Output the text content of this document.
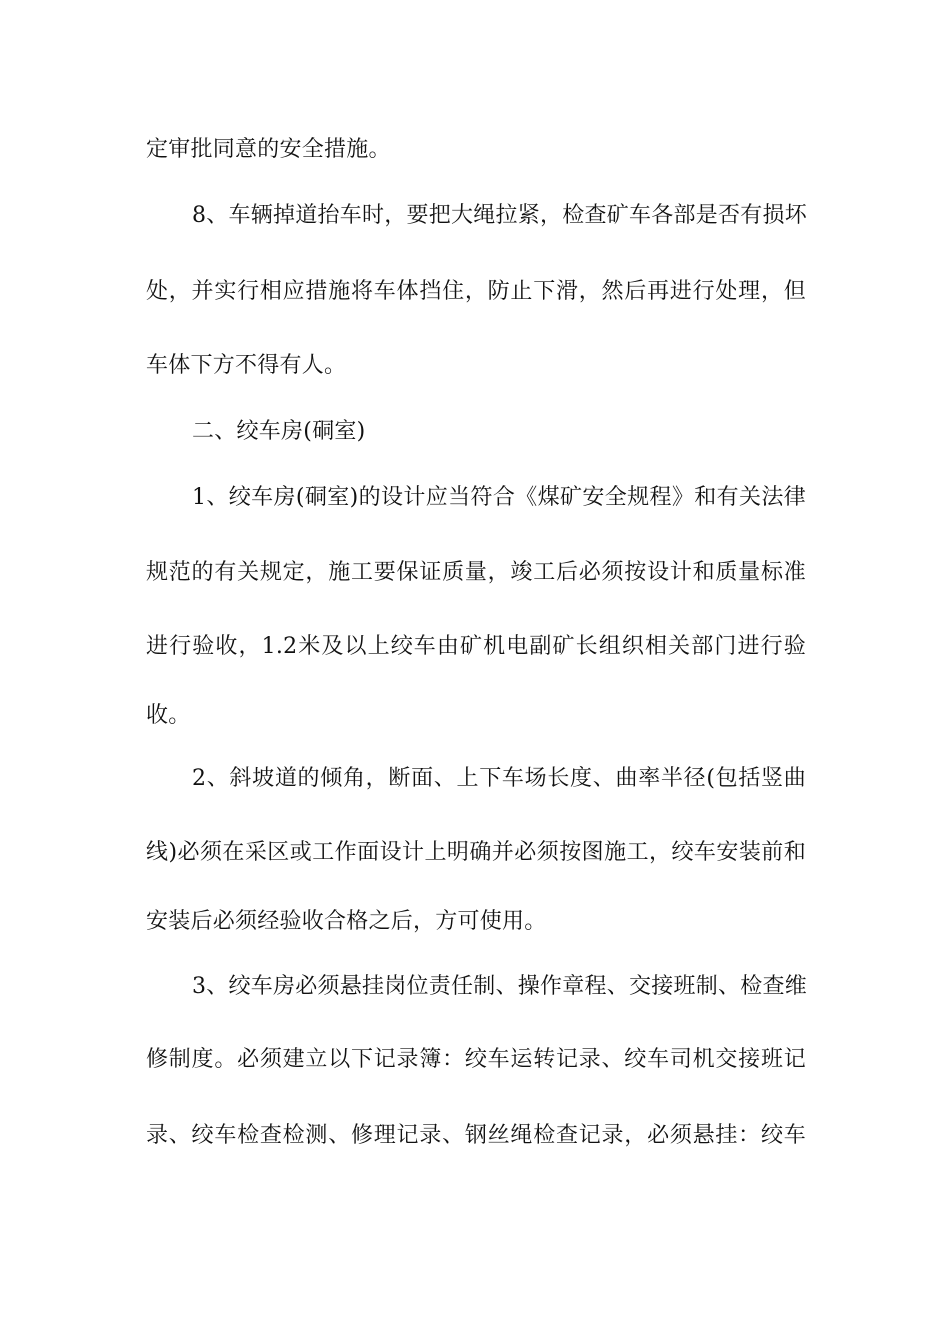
定审批同意的安全措施。
8、车辆掉道抬车时，要把大绳拉紧，检查矿车各部是否有损坏
处，并实行相应措施将车体挡住，防止下滑，然后再进行处理，但
车体下方不得有人。
二、绞车房(硐室)
1、绞车房(硐室)的设计应当符合《煤矿安全规程》和有关法律
规范的有关规定，施工要保证质量，竣工后必须按设计和质量标准
进行验收，1.2米及以上绞车由矿机电副矿长组织相关部门进行验
收。
2、斜坡道的倾角，断面、上下车场长度、曲率半径(包括竖曲
线)必须在采区或工作面设计上明确并必须按图施工，绞车安装前和
安装后必须经验收合格之后，方可使用。
3、绞车房必须悬挂岗位责任制、操作章程、交接班制、检查维
修制度。必须建立以下记录簿：绞车运转记录、绞车司机交接班记
录、绞车检查检测、修理记录、钢丝绳检查记录，必须悬挂：绞车
